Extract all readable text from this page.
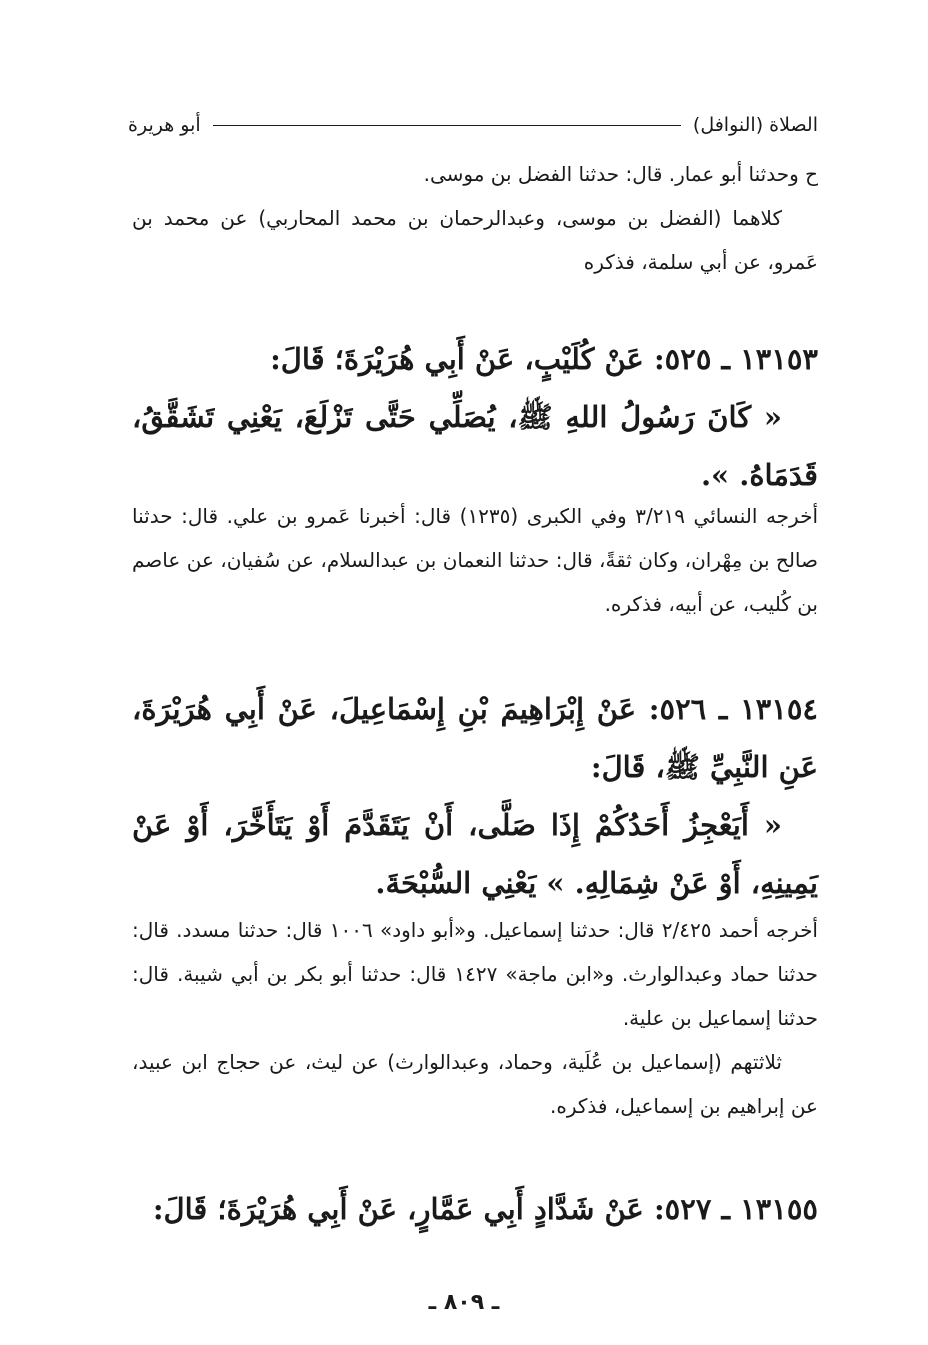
الصلاة (النوافل)
أبو هريرة

ح وحدثنا أبو عمار. قال: حدثنا الفضل بن موسى.

كلاهما (الفضل بن موسى، وعبدالرحمان بن محمد المحاربي) عن محمد بن عَمرو، عن أبي سلمة، فذكره

١٣١٥٣ ـ ٥٢٥: عَنْ كُلَيْبٍ، عَنْ أَبِي هُرَيْرَةَ؛ قَالَ:

« كَانَ رَسُولُ اللهِ ﷺ، يُصَلِّي حَتَّى تَزْلَعَ، يَعْنِي تَشَقَّقُ، قَدَمَاهُ. ».

أخرجه النسائي ٣/٢١٩ وفي الكبرى (١٢٣٥) قال: أخبرنا عَمرو بن علي. قال: حدثنا صالح بن مِهْران، وكان ثقةً، قال: حدثنا النعمان بن عبدالسلام، عن سُفيان، عن عاصم بن كُليب، عن أبيه، فذكره.

١٣١٥٤ ـ ٥٢٦: عَنْ إِبْرَاهِيمَ بْنِ إِسْمَاعِيلَ، عَنْ أَبِي هُرَيْرَةَ، عَنِ النَّبِيِّ ﷺ، قَالَ:

« أَيَعْجِزُ أَحَدُكُمْ إِذَا صَلَّى، أَنْ يَتَقَدَّمَ أَوْ يَتَأَخَّرَ، أَوْ عَنْ يَمِينِهِ، أَوْ عَنْ شِمَالِهِ. » يَعْنِي السُّبْحَةَ.

أخرجه أحمد ٢/٤٢٥ قال: حدثنا إسماعيل. و«أبو داود» ١٠٠٦ قال: حدثنا مسدد. قال: حدثنا حماد وعبدالوارث. و«ابن ماجة» ١٤٢٧ قال: حدثنا أبو بكر بن أبي شيبة. قال: حدثنا إسماعيل بن علية.

ثلاثتهم (إسماعيل بن عُلَية، وحماد، وعبدالوارث) عن ليث، عن حجاج ابن عبيد، عن إبراهيم بن إسماعيل، فذكره.

١٣١٥٥ ـ ٥٢٧: عَنْ شَدَّادٍ أَبِي عَمَّارٍ، عَنْ أَبِي هُرَيْرَةَ؛ قَالَ:

ـ ٨٠٩ ـ
